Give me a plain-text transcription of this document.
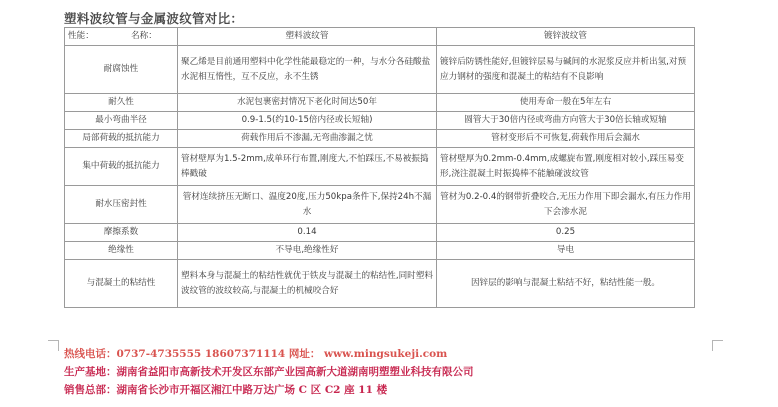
塑料波纹管与金属波纹管对比：
性能： 名称：	塑料波纹管	镀锌波纹管
耐腐蚀性	聚乙烯是目前通用塑料中化学性能最稳定的一种，与水分各硅酸盐水泥相互惰性，互不反应，永不生锈	镀锌后防锈性能好,但镀锌层易与碱间的水泥浆反应并析出氢,对预应力钢材的强度和混凝土的粘结有不良影响
耐久性	水泥包裹密封情况下老化时间达50年	使用寿命一般在5年左右
最小弯曲半径	0.9-1.5(约10-15倍内径或长短轴)	圆管大于30倍内径或弯曲方向管大于30倍长轴或短轴
局部荷载的抵抗能力	荷载作用后不渗漏,无弯曲渗漏之忧	管材变形后不可恢复,荷载作用后会漏水
集中荷载的抵抗能力	管材壁厚为1.5-2mm,成单环行布置,刚度大,不怕踩压,不易被振捣棒戳破	管材壁厚为0.2mm-0.4mm,成螺旋布置,刚度相对较小,踩压易变形,浇注混凝土时振捣棒不能触碰波纹管
耐水压密封性	管材连续挤压无断口、温度20度,压力50kpa条件下,保持24h不漏水	管材为0.2-0.4的钢带折叠咬合,无压力作用下即会漏水,有压力作用下会渗水泥
摩擦系数	0.14	0.25
绝缘性	不导电,绝缘性好	导电
与混凝土的粘结性	塑料本身与混凝土的粘结性就优于铁皮与混凝土的粘结性,同时塑料波纹管的波纹较高,与混凝土的机械咬合好	因锌层的影响与混凝土粘结不好，粘结性能一般。
热线电话：0737-4735555 18607371114 网址： www.mingsukeji.com
生产基地：湖南省益阳市高新技术开发区东部产业园高新大道湖南明塑塑业科技有限公司
销售总部：湖南省长沙市开福区湘江中路万达广场 C 区 C2 座 11 楼
